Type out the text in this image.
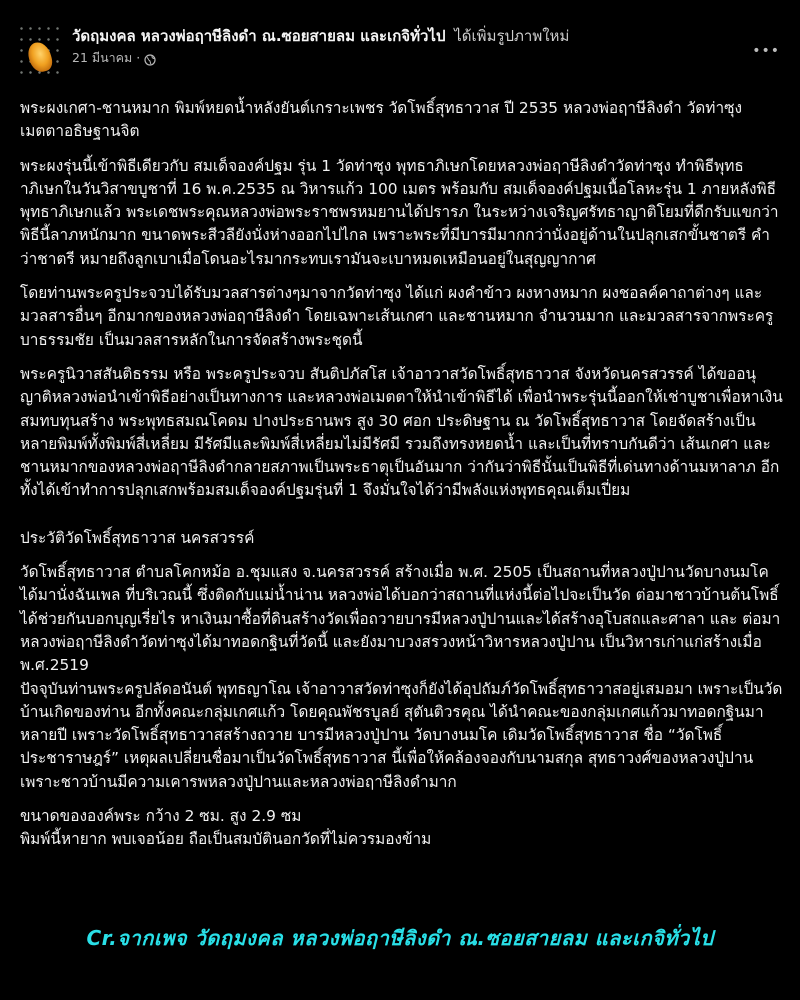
วัดฤมงคล หลวงพ่อฤาษีลิงดำ ณ.ซอยสายลม และเกจิทั่วไป ได้เพิ่มรูปภาพใหม่
21 มีนาคม ·	•••

พระผงเกศา-ชานหมาก พิมพ์หยดน้ำหลังยันต์เกราะเพชร วัดโพธิ์สุทธาวาส ปี 2535 หลวงพ่อฤาษีลิงดำ วัดท่าซุง เมตตาอธิษฐานจิต

พระผงรุ่นนี้เข้าพิธีเดียวกับ สมเด็จองค์ปฐม รุ่น 1 วัดท่าซุง พุทธาภิเษกโดยหลวงพ่อฤาษีลิงดำวัดท่าซุง ทำพิธีพุทธาภิเษกในวันวิสาขบูชาที่ 16 พ.ค.2535 ณ วิหารแก้ว 100 เมตร พร้อมกับ สมเด็จองค์ปฐมเนื้อโลหะรุ่น 1 ภายหลังพิธีพุทธาภิเษกแล้ว พระเดชพระคุณหลวงพ่อพระราชพรหมยานได้ปรารภ ในระหว่างเจริญศรัทธาญาติโยมที่ดีกรับแขกว่าพิธีนี้ลาภหนักมาก ขนาดพระสีวลียังนั่งห่างออกไปไกล เพราะพระที่มีบารมีมากกว่านั่งอยู่ด้านในปลุกเสกขั้นชาตรี คำว่าชาตรี หมายถึงลูกเบาเมื่อโดนอะไรมากระทบเรามันจะเบาหมดเหมือนอยู่ในสุญญากาศ

โดยท่านพระครูประจวบได้รับมวลสารต่างๆมาจากวัดท่าซุง ได้แก่ ผงคำข้าว ผงหางหมาก ผงชอลค์คาถาต่างๆ และมวลสารอื่นๆ อีกมากของหลวงพ่อฤาษีลิงดำ โดยเฉพาะเส้นเกศา และชานหมาก จำนวนมาก และมวลสารจากพระครูบาธรรมชัย เป็นมวลสารหลักในการจัดสร้างพระชุดนี้

พระครูนิวาสสันติธรรม หรือ พระครูประจวบ สันติปภัสโส เจ้าอาวาสวัดโพธิ์สุทธาวาส จังหวัดนครสวรรค์ ได้ขออนุญาติหลวงพ่อนำเข้าพิธีอย่างเป็นทางการ และหลวงพ่อเมตตาให้นำเข้าพิธีได้ เพื่อนำพระรุ่นนี้ออกให้เช่าบูชาเพื่อหาเงินสมทบทุนสร้าง พระพุทธสมณโคดม ปางประธานพร สูง 30 ศอก ประดิษฐาน ณ วัดโพธิ์สุทธาวาส โดยจัดสร้างเป็นหลายพิมพ์ทั้งพิมพ์สี่เหลี่ยม มีรัศมีและพิมพ์สี่เหลี่ยมไม่มีรัศมี รวมถึงทรงหยดน้ำ และเป็นที่ทราบกันดีว่า เส้นเกศา และ ชานหมากของหลวงพ่อฤาษีลิงดำกลายสภาพเป็นพระธาตุเป็นอันมาก ว่ากันว่าพิธีนั้นเป็นพิธีที่เด่นทางด้านมหาลาภ อีกทั้งได้เข้าทำการปลุกเสกพร้อมสมเด็จองค์ปฐมรุ่นที่ 1 จึงมั่นใจได้ว่ามีพลังแห่งพุทธคุณเต็มเปี่ยม

ประวัติวัดโพธิ์สุทธาวาส นครสวรรค์

วัดโพธิ์สุทธาวาส ตำบลโคกหม้อ อ.ชุมแสง จ.นครสวรรค์ สร้างเมื่อ พ.ศ. 2505 เป็นสถานที่หลวงปู่ปานวัดบางนมโคได้มานั่งฉันเพล ที่บริเวณนี้ ซึ่งติดกับแม่น้ำน่าน หลวงพ่อได้บอกว่าสถานที่แห่งนี้ต่อไปจะเป็นวัด ต่อมาชาวบ้านต้นโพธิ์ได้ช่วยกันบอกบุญเรี่ยไร หาเงินมาซื้อที่ดินสร้างวัดเพื่อถวายบารมีหลวงปู่ปานและได้สร้างอุโบสถและศาลา และ ต่อมาหลวงพ่อฤาษีลิงดำวัดท่าซุงได้มาทอดกฐินที่วัดนี้ และยังมาบวงสรวงหน้าวิหารหลวงปู่ปาน เป็นวิหารเก่าแก่สร้างเมื่อ พ.ศ.2519

ปัจจุบันท่านพระครูปลัดอนันต์ พุทธญาโณ เจ้าอาวาสวัดท่าซุงก็ยังได้อุปถัมภ์วัดโพธิ์สุทธาวาสอยู่เสมอมา เพราะเป็นวัดบ้านเกิดของท่าน อีกทั้งคณะกลุ่มเกศแก้ว โดยคุณพัชรบูลย์ สุตันติวรคุณ ได้นำคณะของกลุ่มเกศแก้วมาทอดกฐินมาหลายปี เพราะวัดโพธิ์สุทธาวาสสร้างถวาย บารมีหลวงปู่ปาน วัดบางนมโค เดิมวัดโพธิ์สุทธาวาส ชื่อ “วัดโพธิ์ประชาราษฎร์” เหตุผลเปลี่ยนชื่อมาเป็นวัดโพธิ์สุทธาวาส นี้เพื่อให้คล้องจองกับนามสกุล สุทธาวงศ์ของหลวงปู่ปาน เพราะชาวบ้านมีความเคารพหลวงปู่ปานและหลวงพ่อฤาษีลิงดำมาก

ขนาดขององค์พระ กว้าง 2 ซม. สูง 2.9 ซม

พิมพ์นี้หายาก พบเจอน้อย ถือเป็นสมบัตินอกวัดที่ไม่ควรมองข้าม

Cr.จากเพจ วัดฤมงคล หลวงพ่อฤาษีลิงดำ ณ.ซอยสายลม และเกจิทั่วไป
